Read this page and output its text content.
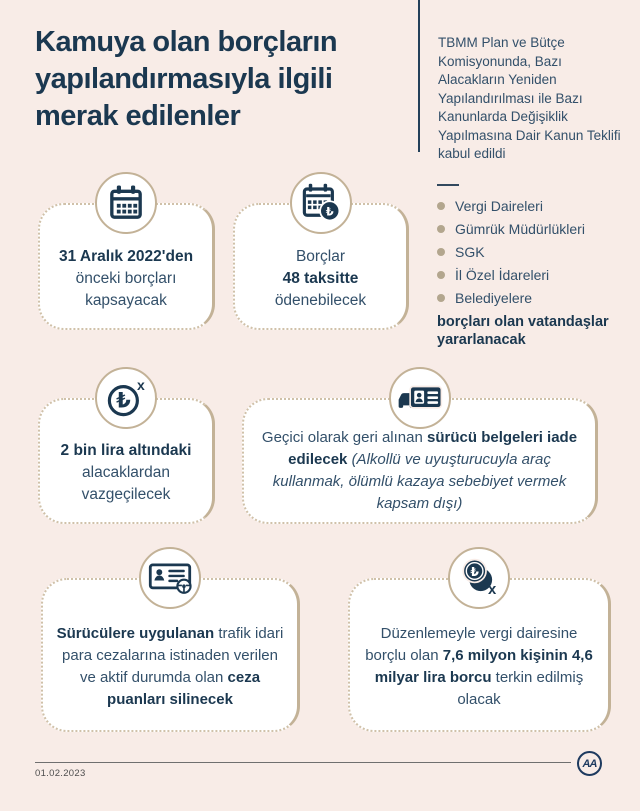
Kamuya olan borçların
yapılandırmasıyla ilgili
merak edilenler
TBMM Plan ve Bütçe Komisyonunda, Bazı Alacakların Yeniden Yapılandırılması ile Bazı Kanunlarda Değişiklik Yapılmasına Dair Kanun Teklifi kabul edildi
Vergi Daireleri
Gümrük Müdürlükleri
SGK
İl Özel İdareleri
Belediyelere
borçları olan vatandaşlar yararlanacak
31 Aralık 2022'den önceki borçları kapsayacak
₺
Borçlar
48 taksitte
ödenebilecek
₺
x
2 bin lira altındaki alacaklardan vazgeçilecek
Geçici olarak geri alınan sürücü belgeleri iade edilecek (Alkollü ve uyuşturucuyla araç kullanmak, ölümlü kazaya sebebiyet vermek kapsam dışı)
Sürücülere uygulanan trafik idari para cezalarına istinaden verilen ve aktif durumda olan ceza puanları silinecek
₺
x
Düzenlemeyle vergi dairesine borçlu olan 7,6 milyon kişinin 4,6 milyar lira borcu terkin edilmiş olacak
01.02.2023
AA
